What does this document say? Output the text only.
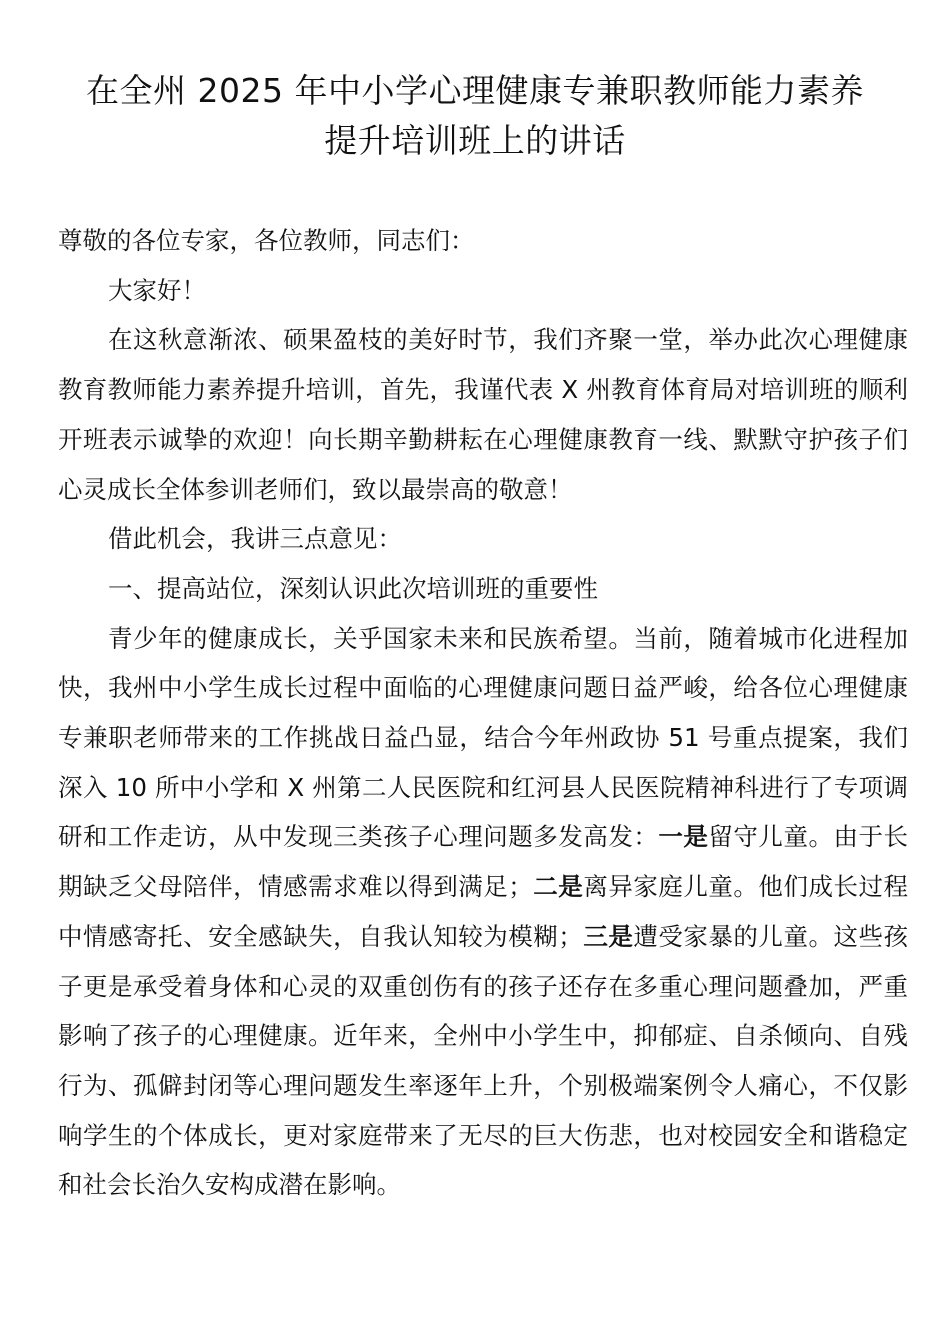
在全州 2025 年中小学心理健康专兼职教师能力素养
提升培训班上的讲话

尊敬的各位专家，各位教师，同志们：

大家好！

在这秋意渐浓、硕果盈枝的美好时节，我们齐聚一堂，举办此次心理健康教育教师能力素养提升培训，首先，我谨代表 X 州教育体育局对培训班的顺利开班表示诚挚的欢迎！向长期辛勤耕耘在心理健康教育一线、默默守护孩子们心灵成长全体参训老师们，致以最崇高的敬意！

借此机会，我讲三点意见：

一、提高站位，深刻认识此次培训班的重要性

青少年的健康成长，关乎国家未来和民族希望。当前，随着城市化进程加快，我州中小学生成长过程中面临的心理健康问题日益严峻，给各位心理健康专兼职老师带来的工作挑战日益凸显，结合今年州政协 51 号重点提案，我们深入 10 所中小学和 X 州第二人民医院和红河县人民医院精神科进行了专项调研和工作走访，从中发现三类孩子心理问题多发高发：一是留守儿童。由于长期缺乏父母陪伴，情感需求难以得到满足；二是离异家庭儿童。他们成长过程中情感寄托、安全感缺失，自我认知较为模糊；三是遭受家暴的儿童。这些孩子更是承受着身体和心灵的双重创伤有的孩子还存在多重心理问题叠加，严重影响了孩子的心理健康。近年来，全州中小学生中，抑郁症、自杀倾向、自残行为、孤僻封闭等心理问题发生率逐年上升，个别极端案例令人痛心，不仅影响学生的个体成长，更对家庭带来了无尽的巨大伤悲，也对校园安全和谐稳定和社会长治久安构成潜在影响。
